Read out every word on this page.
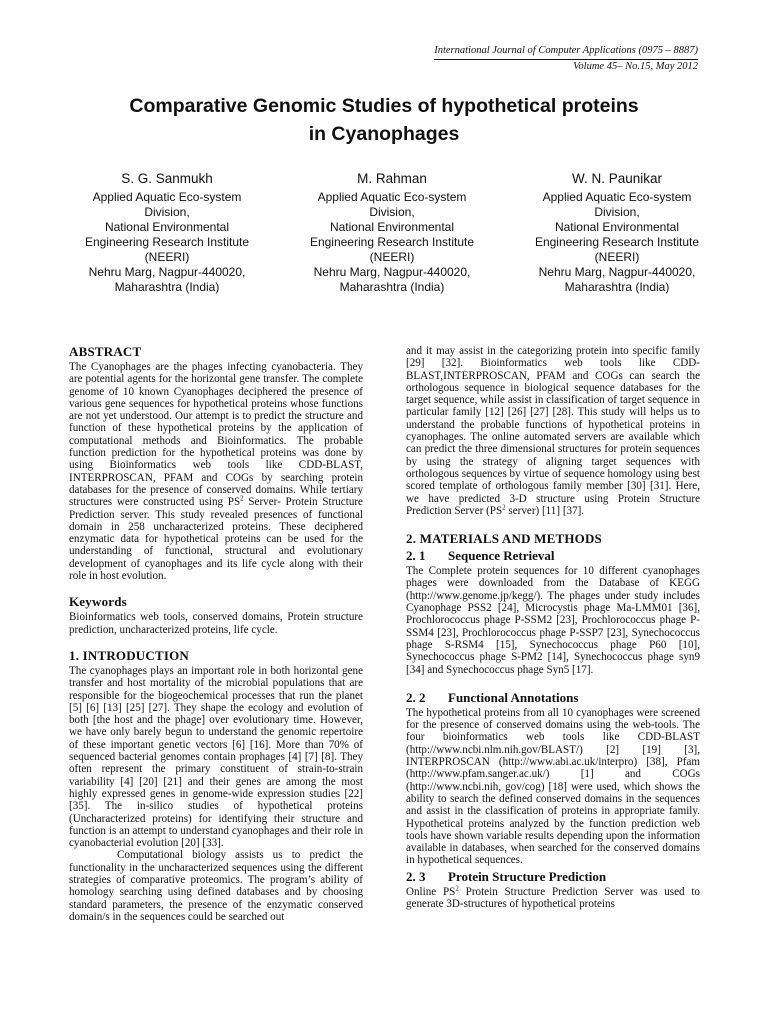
International Journal of Computer Applications (0975 – 8887)
Volume 45– No.15, May 2012
Comparative Genomic Studies of hypothetical proteins
in Cyanophages
S. G. Sanmukh
Applied Aquatic Eco-system
Division,
National Environmental
Engineering Research Institute
(NEERI)
Nehru Marg, Nagpur-440020,
Maharashtra (India)
M. Rahman
Applied Aquatic Eco-system
Division,
National Environmental
Engineering Research Institute
(NEERI)
Nehru Marg, Nagpur-440020,
Maharashtra (India)
W. N. Paunikar
Applied Aquatic Eco-system
Division,
National Environmental
Engineering Research Institute
(NEERI)
Nehru Marg, Nagpur-440020,
Maharashtra (India)
ABSTRACT

The Cyanophages are the phages infecting cyanobacteria. They are potential agents for the horizontal gene transfer. The complete genome of 10 known Cyanophages deciphered the presence of various gene sequences for hypothetical proteins whose functions are not yet understood. Our attempt is to predict the structure and function of these hypothetical proteins by the application of computational methods and Bioinformatics. The probable function prediction for the hypothetical proteins was done by using Bioinformatics web tools like CDD-BLAST, INTERPROSCAN, PFAM and COGs by searching protein databases for the presence of conserved domains. While tertiary structures were constructed using $PS^2$ Server- Protein Structure Prediction server. This study revealed presences of functional domain in 258 uncharacterized proteins. These deciphered enzymatic data for hypothetical proteins can be used for the understanding of functional, structural and evolutionary development of cyanophages and its life cycle along with their role in host evolution.

Keywords

Bioinformatics web tools, conserved domains, Protein structure prediction, uncharacterized proteins, life cycle.

1. INTRODUCTION

The cyanophages plays an important role in both horizontal gene transfer and host mortality of the microbial populations that are responsible for the biogeochemical processes that run the planet [5] [6] [13] [25] [27]. They shape the ecology and evolution of both [the host and the phage] over evolutionary time. However, we have only barely begun to understand the genomic repertoire of these important genetic vectors [6] [16]. More than 70% of sequenced bacterial genomes contain prophages [4] [7] [8]. They often represent the primary constituent of strain-to-strain variability [4] [20] [21] and their genes are among the most highly expressed genes in genome-wide expression studies [22] [35]. The in-silico studies of hypothetical proteins (Uncharacterized proteins) for identifying their structure and function is an attempt to understand cyanophages and their role in cyanobacterial evolution [20] [33].

Computational biology assists us to predict the functionality in the uncharacterized sequences using the different strategies of comparative proteomics. The program’s ability of homology searching using defined databases and by choosing standard parameters, the presence of the enzymatic conserved domain/s in the sequences could be searched out

and it may assist in the categorizing protein into specific family [29] [32]. Bioinformatics web tools like CDD-BLAST,INTERPROSCAN, PFAM and COGs can search the orthologous sequence in biological sequence databases for the target sequence, while assist in classification of target sequence in particular family [12] [26] [27] [28]. This study will helps us to understand the probable functions of hypothetical proteins in cyanophages. The online automated servers are available which can predict the three dimensional structures for protein sequences by using the strategy of aligning target sequences with orthologous sequences by virtue of sequence homology using best scored template of orthologous family member [30] [31]. Here, we have predicted 3-D structure using Protein Structure Prediction Server ($PS^2$ server) [11] [37].

2. MATERIALS AND METHODS
2. 1 Sequence Retrieval

The Complete protein sequences for 10 different cyanophages phages were downloaded from the Database of KEGG (http://www.genome.jp/kegg/). The phages under study includes Cyanophage PSS2 [24], Microcystis phage Ma-LMM01 [36], Prochlorococcus phage P-SSM2 [23], Prochlorococcus phage P-SSM4 [23], Prochlorococcus phage P-SSP7 [23], Synechococcus phage S-RSM4 [15], Synechococcus phage P60 [10], Synechococcus phage S-PM2 [14], Synechococcus phage syn9 [34] and Synechococcus phage Syn5 [17].

2. 2 Functional Annotations

The hypothetical proteins from all 10 cyanophages were screened for the presence of conserved domains using the web-tools. The four bioinformatics web tools like CDD-BLAST (http://www.ncbi.nlm.nih.gov/BLAST/) [2] [19] [3], INTERPROSCAN (http://www.abi.ac.uk/interpro) [38], Pfam (http://www.pfam.sanger.ac.uk/) [1] and COGs (http://www.ncbi.nih, gov/cog) [18] were used, which shows the ability to search the defined conserved domains in the sequences and assist in the classification of proteins in appropriate family. Hypothetical proteins analyzed by the function prediction web tools have shown variable results depending upon the information available in databases, when searched for the conserved domains in hypothetical sequences.

2. 3 Protein Structure Prediction

Online $PS^2$ Protein Structure Prediction Server was used to generate 3D-structures of hypothetical proteins
